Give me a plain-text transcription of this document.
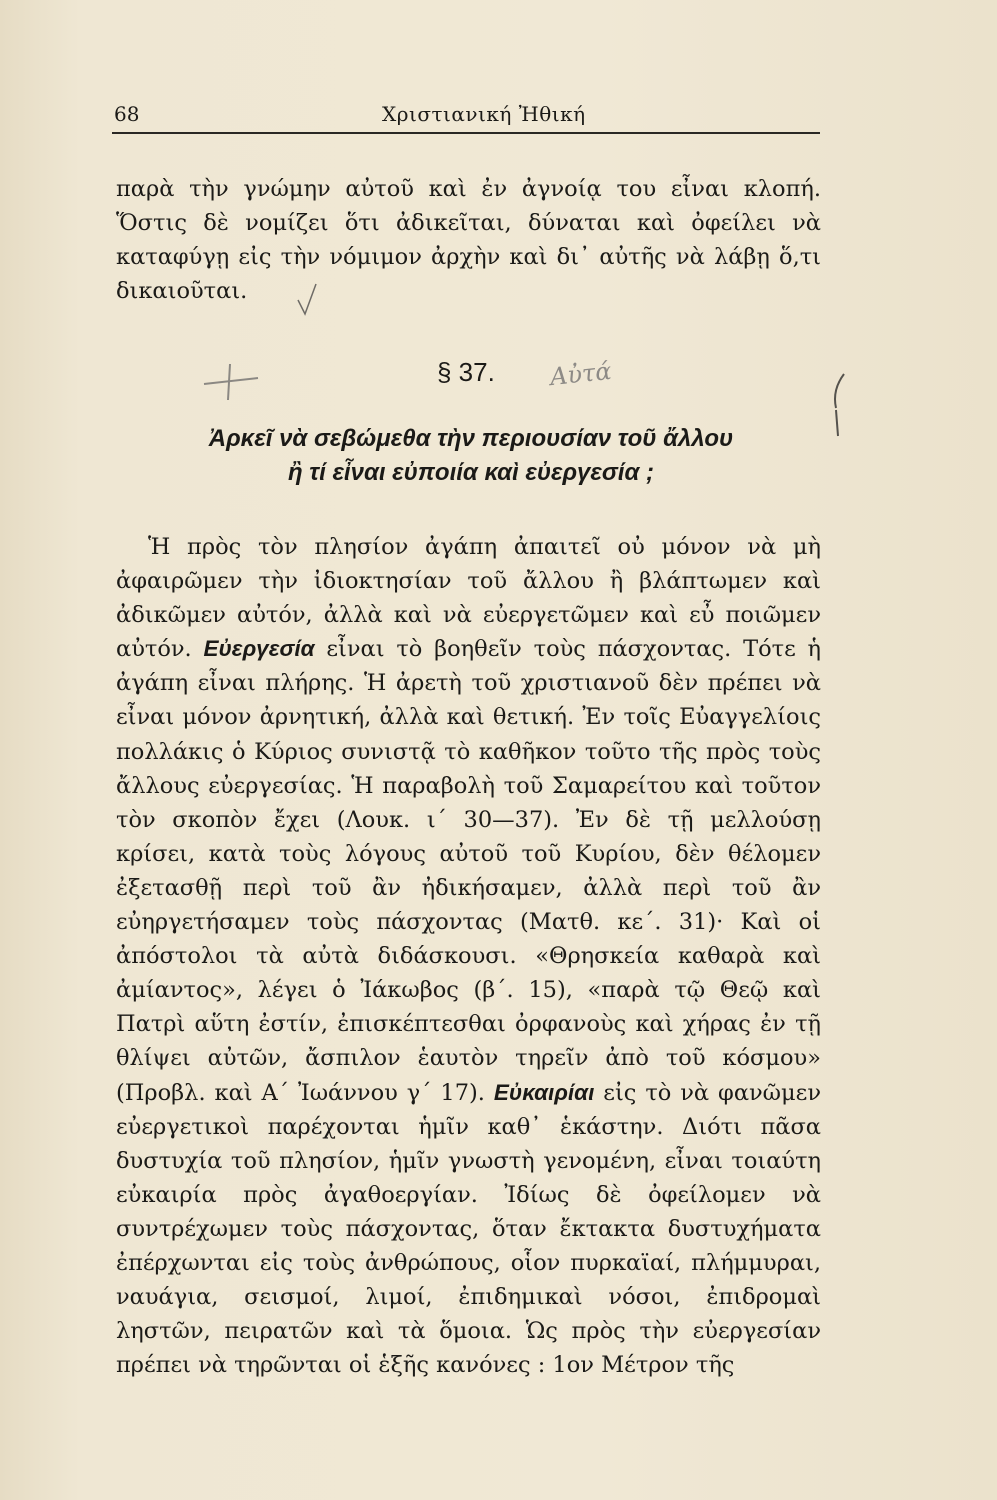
68	Χριστιανική Ἠθική

παρὰ τὴν γνώμην αὐτοῦ καὶ ἐν ἀγνοίᾳ του εἶναι κλοπή. Ὅστις δὲ νομίζει ὅτι ἀδικεῖται, δύναται καὶ ὀφείλει νὰ καταφύγῃ εἰς τὴν νόμιμον ἀρχὴν καὶ δι᾽ αὐτῆς νὰ λάβῃ ὅ,τι δικαιοῦται.

§ 37. Αὐτά
Ἀρκεῖ νὰ σεβώμεθα τὴν περιουσίαν τοῦ ἄλλου
ἢ τί εἶναι εὐποιία καὶ εὐεργεσία ;

Ἡ πρὸς τὸν πλησίον ἀγάπη ἀπαιτεῖ οὐ μόνον νὰ μὴ ἀφαιρῶμεν τὴν ἰδιοκτησίαν τοῦ ἄλλου ἢ βλάπτωμεν καὶ ἀδικῶμεν αὐτόν, ἀλλὰ καὶ νὰ εὐεργετῶμεν καὶ εὖ ποιῶμεν αὐτόν. Εὐεργεσία εἶναι τὸ βοηθεῖν τοὺς πάσχοντας. Τότε ἡ ἀγάπη εἶναι πλήρης. Ἡ ἀρετὴ τοῦ χριστιανοῦ δὲν πρέπει νὰ εἶναι μόνον ἀρνητική, ἀλλὰ καὶ θετική. Ἐν τοῖς Εὐαγγελίοις πολλάκις ὁ Κύριος συνιστᾷ τὸ καθῆκον τοῦτο τῆς πρὸς τοὺς ἄλλους εὐεργεσίας. Ἡ παραβολὴ τοῦ Σαμαρείτου καὶ τοῦτον τὸν σκοπὸν ἔχει (Λουκ. ι΄ 30—37). Ἐν δὲ τῇ μελλούσῃ κρίσει, κατὰ τοὺς λόγους αὐτοῦ τοῦ Κυρίου, δὲν θέλομεν ἐξετασθῇ περὶ τοῦ ἂν ἠδικήσαμεν, ἀλλὰ περὶ τοῦ ἂν εὐηργετήσαμεν τοὺς πάσχοντας (Ματθ. κε΄. 31)· Καὶ οἱ ἀπόστολοι τὰ αὐτὰ διδάσκουσι. «Θρησκεία καθαρὰ καὶ ἀμίαντος», λέγει ὁ Ἰάκωβος (β΄. 15), «παρὰ τῷ Θεῷ καὶ Πατρὶ αὕτη ἐστίν, ἐπισκέπτεσθαι ὀρφανοὺς καὶ χήρας ἐν τῇ θλίψει αὐτῶν, ἄσπιλον ἑαυτὸν τηρεῖν ἀπὸ τοῦ κόσμου» (Προβλ. καὶ Α΄ Ἰωάννου γ΄ 17). Εὐκαιρίαι εἰς τὸ νὰ φανῶμεν εὐεργετικοὶ παρέχονται ἡμῖν καθ᾽ ἑκάστην. Διότι πᾶσα δυστυχία τοῦ πλησίον, ἡμῖν γνωστὴ γενομένη, εἶναι τοιαύτη εὐκαιρία πρὸς ἀγαθοεργίαν. Ἰδίως δὲ ὀφείλομεν νὰ συντρέχωμεν τοὺς πάσχοντας, ὅταν ἔκτακτα δυστυχήματα ἐπέρχωνται εἰς τοὺς ἀνθρώπους, οἷον πυρκαϊαί, πλήμμυραι, ναυάγια, σεισμοί, λιμοί, ἐπιδημικαὶ νόσοι, ἐπιδρομαὶ ληστῶν, πειρατῶν καὶ τὰ ὅμοια. Ὡς πρὸς τὴν εὐεργεσίαν πρέπει νὰ τηρῶνται οἱ ἑξῆς κανόνες : 1ον Μέτρον τῆς
